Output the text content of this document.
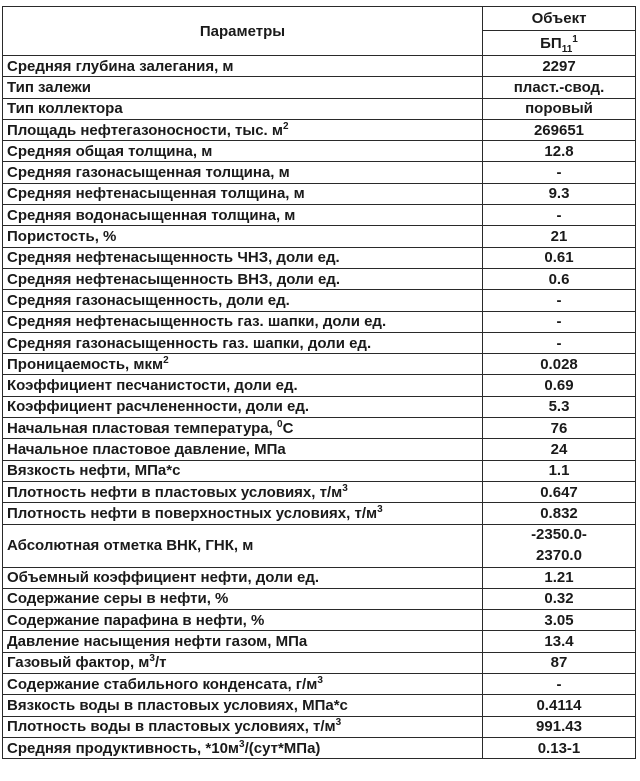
Параметры	Объект
	$БП_{11}^1$
Средняя глубина залегания, м	2297

Тип залежи	пласт.-свод.

Тип коллектора	поровый

Площадь нефтегазоносности, тыс. $м^2$	269651

Средняя общая толщина, м	12.8

Средняя газонасыщенная толщина, м	-

Средняя нефтенасыщенная толщина, м	9.3

Средняя водонасыщенная толщина, м	-

Пористость, %	21

Средняя нефтенасыщенность ЧНЗ, доли ед.	0.61

Средняя нефтенасыщенность ВНЗ, доли ед.	0.6

Средняя газонасыщенность, доли ед.	-

Средняя нефтенасыщенность газ. шапки, доли ед.	-

Средняя газонасыщенность газ. шапки, доли ед.	-

Проницаемость, мкм$^2$	0.028

Коэффициент песчанистости, доли ед.	0.69

Коэффициент расчлененности, доли ед.	5.3

Начальная пластовая температура, $^0$С	76

Начальное пластовое давление, МПа	24

Вязкость нефти, МПа*с	1.1

Плотность нефти в пластовых условиях, $т/м^3$	0.647

Плотность нефти в поверхностных условиях, $т/м^3$	0.832

Абсолютная отметка ВНК, ГНК, м	-2350.0-
2370.0

Объемный коэффициент нефти, доли ед.	1.21

Содержание серы в нефти, %	0.32

Содержание парафина в нефти, %	3.05

Давление насыщения нефти газом, МПа	13.4

Газовый фактор, $м^3/т$	87

Содержание стабильного конденсата, $г/м^3$	-

Вязкость воды в пластовых условиях, МПа*с	0.4114

Плотность воды в пластовых условиях, $т/м^3$	991.43

Средняя продуктивность, $*10м^3/(сут*МПа)$	0.13-1
